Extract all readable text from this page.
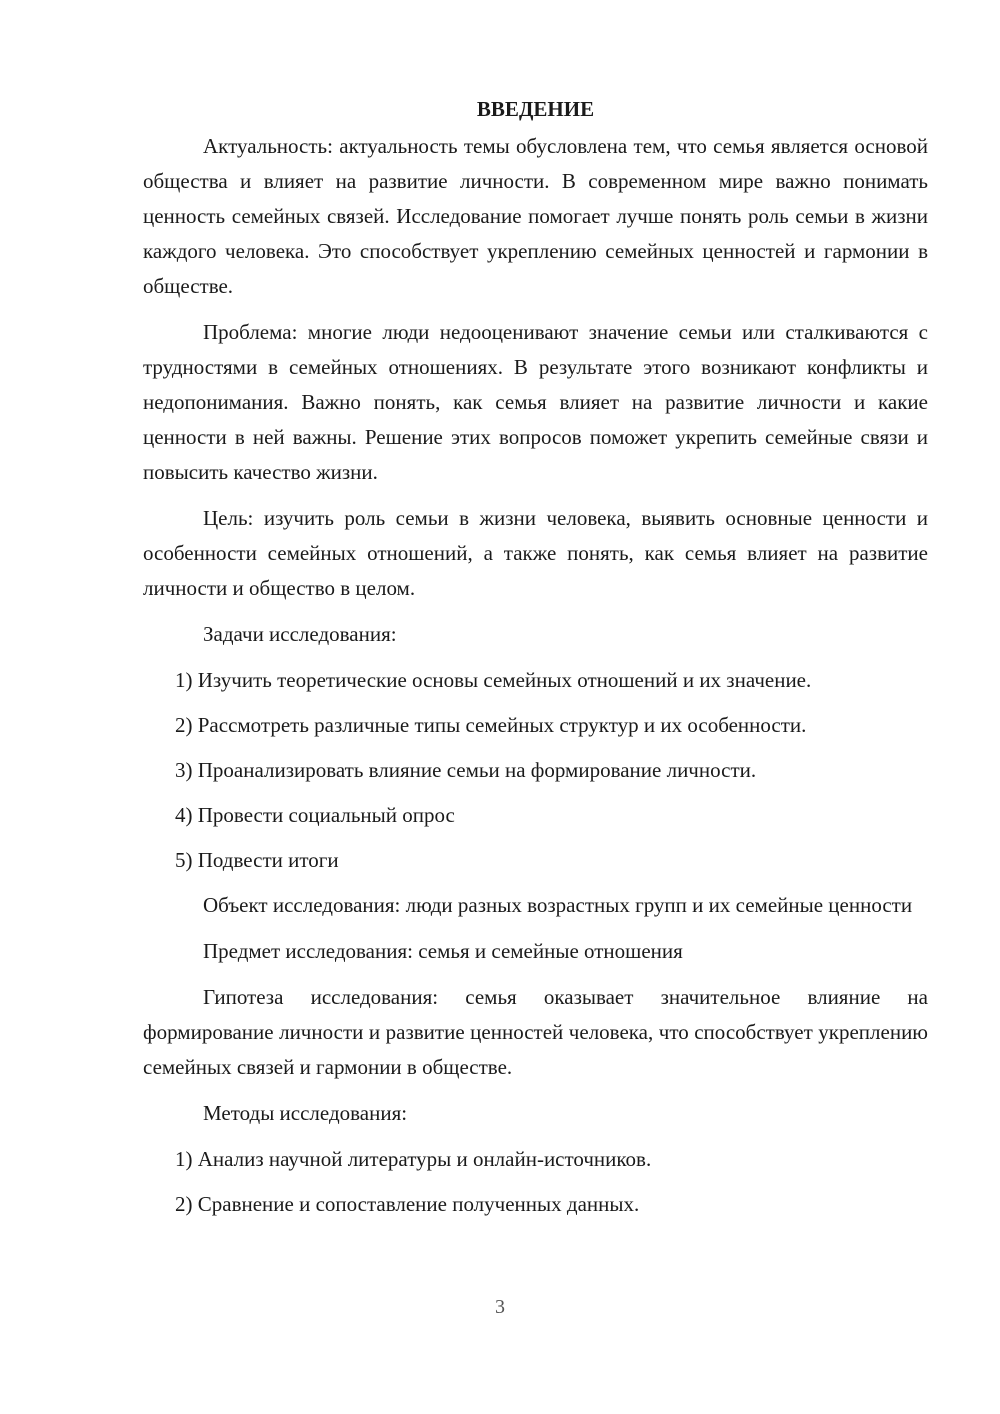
ВВЕДЕНИЕ

Актуальность: актуальность темы обусловлена тем, что семья является основой общества и влияет на развитие личности. В современном мире важно понимать ценность семейных связей. Исследование помогает лучше понять роль семьи в жизни каждого человека. Это способствует укреплению семейных ценностей и гармонии в обществе.

Проблема: многие люди недооценивают значение семьи или сталкиваются с трудностями в семейных отношениях. В результате этого возникают конфликты и недопонимания. Важно понять, как семья влияет на развитие личности и какие ценности в ней важны. Решение этих вопросов поможет укрепить семейные связи и повысить качество жизни.

Цель: изучить роль семьи в жизни человека, выявить основные ценности и особенности семейных отношений, а также понять, как семья влияет на развитие личности и общество в целом.

Задачи исследования:

1) Изучить теоретические основы семейных отношений и их значение.
2) Рассмотреть различные типы семейных структур и их особенности.
3) Проанализировать влияние семьи на формирование личности.
4) Провести социальный опрос
5) Подвести итоги

Объект исследования: люди разных возрастных групп и их семейные ценности

Предмет исследования: семья и семейные отношения

Гипотеза исследования: семья оказывает значительное влияние на формирование личности и развитие ценностей человека, что способствует укреплению семейных связей и гармонии в обществе.

Методы исследования:

1) Анализ научной литературы и онлайн-источников.
2) Сравнение и сопоставление полученных данных.
3
